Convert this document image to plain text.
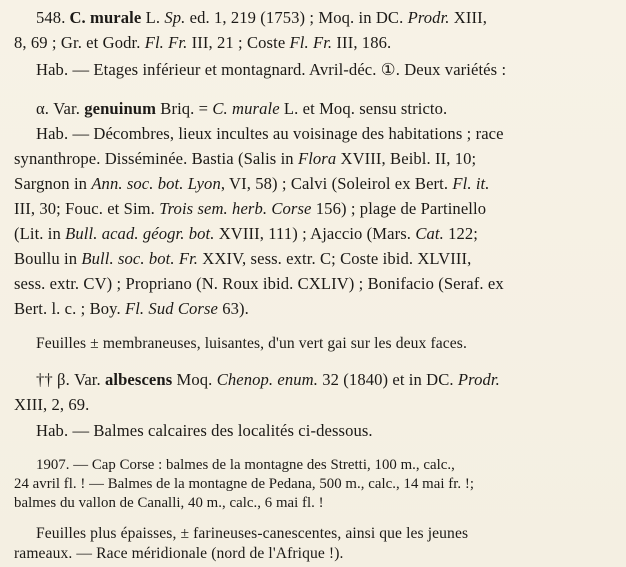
548. C. murale L. Sp. ed. 1, 219 (1753) ; Moq. in DC. Prodr. XIII,
8, 69 ; Gr. et Godr. Fl. Fr. III, 21 ; Coste Fl. Fr. III, 186.
Hab. — Etages inférieur et montagnard. Avril-déc. ①. Deux variétés :
α. Var. genuinum Briq. = C. murale L. et Moq. sensu stricto.
Hab. — Décombres, lieux incultes au voisinage des habitations ; race
synanthrope. Disséminée. Bastia (Salis in Flora XVIII, Beibl. II, 10;
Sargnon in Ann. soc. bot. Lyon, VI, 58) ; Calvi (Soleirol ex Bert. Fl. it.
III, 30; Fouc. et Sim. Trois sem. herb. Corse 156) ; plage de Partinello
(Lit. in Bull. acad. géogr. bot. XVIII, 111) ; Ajaccio (Mars. Cat. 122;
Boullu in Bull. soc. bot. Fr. XXIV, sess. extr. C; Coste ibid. XLVIII,
sess. extr. CV) ; Propriano (N. Roux ibid. CXLIV) ; Bonifacio (Seraf. ex
Bert. l. c. ; Boy. Fl. Sud Corse 63).
Feuilles ± membraneuses, luisantes, d'un vert gai sur les deux faces.
†† β. Var. albescens Moq. Chenop. enum. 32 (1840) et in DC. Prodr.
XIII, 2, 69.
Hab. — Balmes calcaires des localités ci-dessous.
1907. — Cap Corse : balmes de la montagne des Stretti, 100 m., calc.,
24 avril fl. ! — Balmes de la montagne de Pedana, 500 m., calc., 14 mai fr. !;
balmes du vallon de Canalli, 40 m., calc., 6 mai fl. !
Feuilles plus épaisses, ± farineuses-canescentes, ainsi que les jeunes
rameaux. — Race méridionale (nord de l'Afrique !).
